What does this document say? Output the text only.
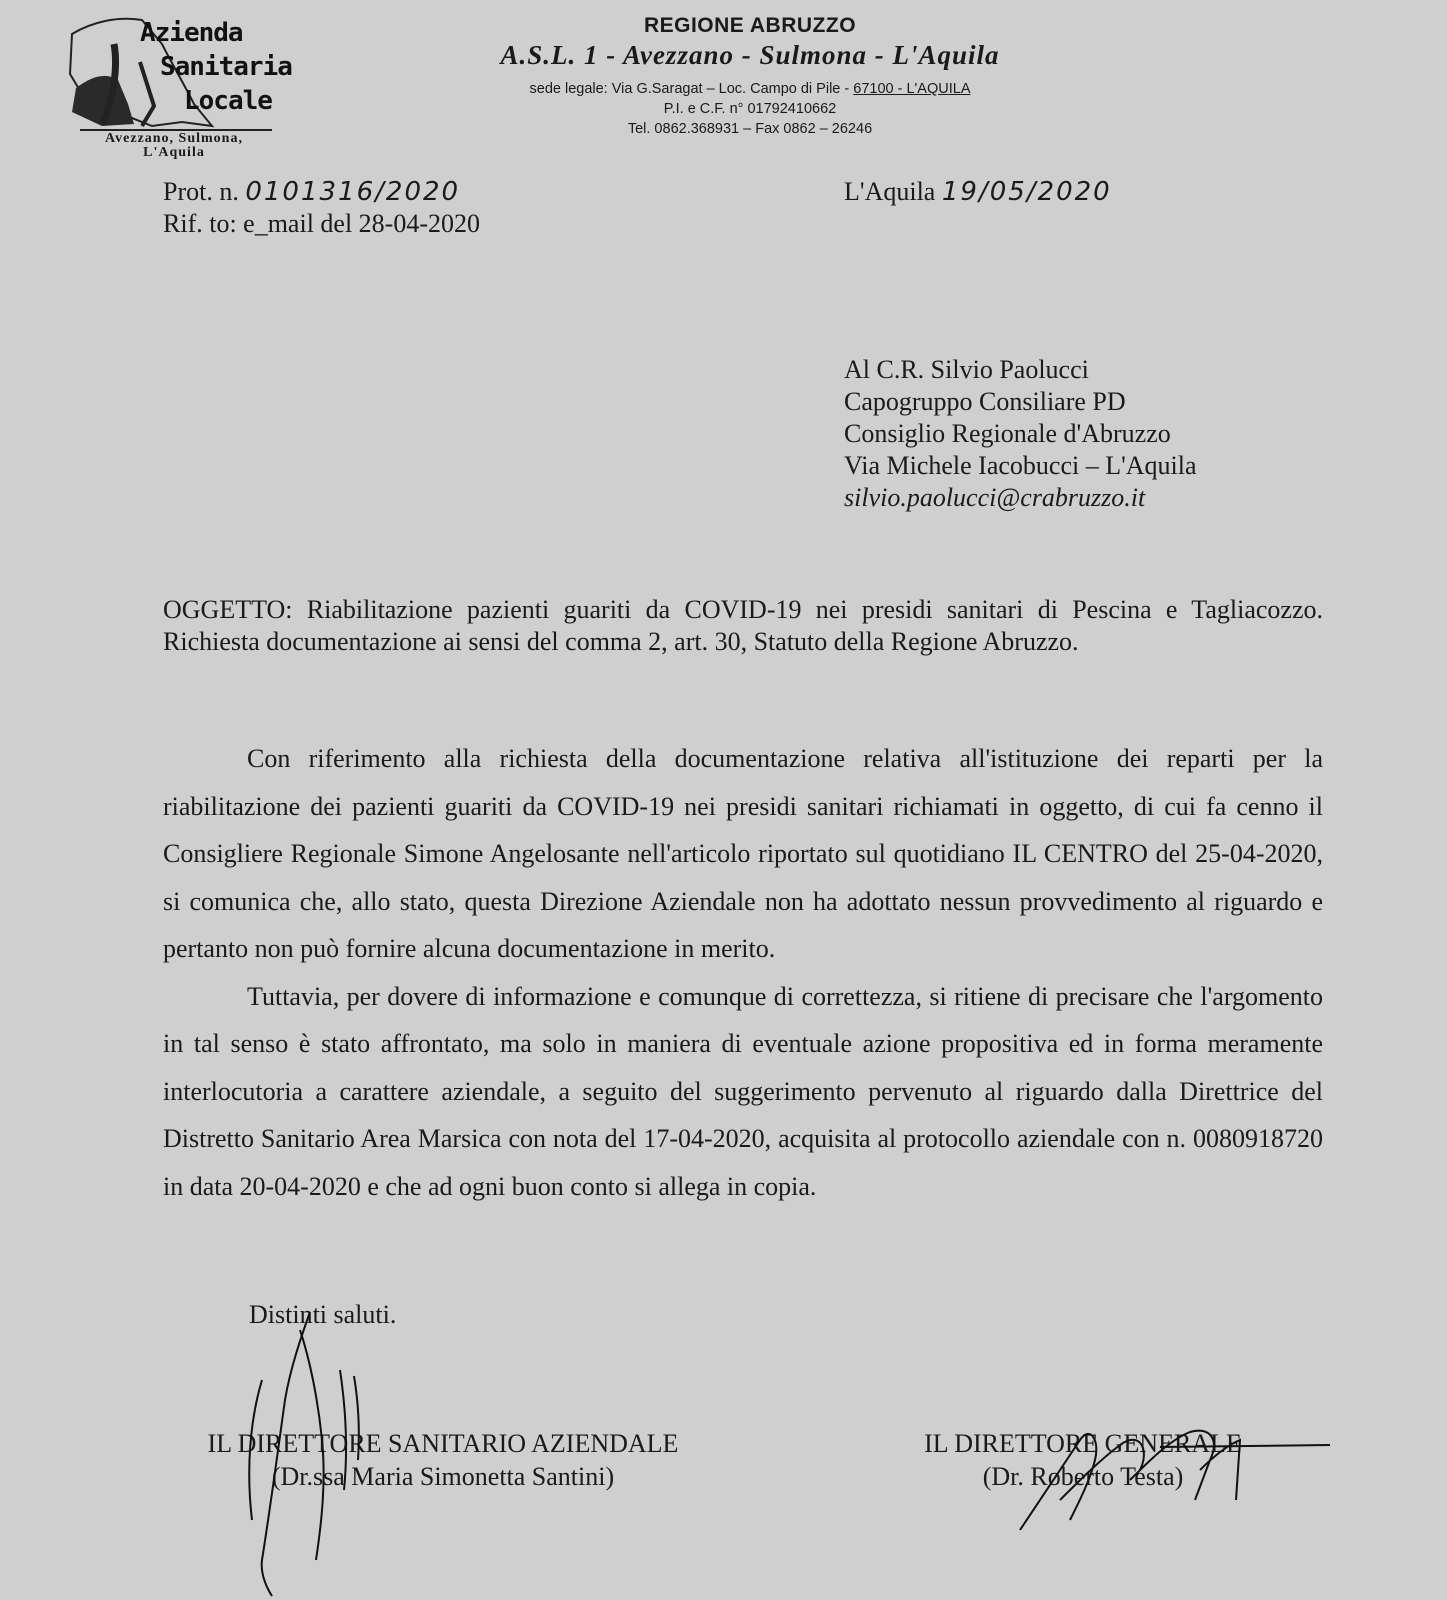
Azienda
Sanitaria
Locale
Avezzano, Sulmona,
L'Aquila
REGIONE ABRUZZO
A.S.L. 1 - Avezzano - Sulmona - L'Aquila
sede legale: Via G.Saragat – Loc. Campo di Pile - 67100 - L'AQUILA
P.I. e C.F. n° 01792410662
Tel. 0862.368931 – Fax 0862 – 26246
Prot. n. 0101316/2020
Rif. to: e_mail del 28-04-2020
L'Aquila 19/05/2020
Al C.R. Silvio Paolucci
Capogruppo Consiliare PD
Consiglio Regionale d'Abruzzo
Via Michele Iacobucci – L'Aquila
silvio.paolucci@crabruzzo.it
OGGETTO: Riabilitazione pazienti guariti da COVID-19 nei presidi sanitari di Pescina e Tagliacozzo. Richiesta documentazione ai sensi del comma 2, art. 30, Statuto della Regione Abruzzo.

Con riferimento alla richiesta della documentazione relativa all'istituzione dei reparti per la riabilitazione dei pazienti guariti da COVID-19 nei presidi sanitari richiamati in oggetto, di cui fa cenno il Consigliere Regionale Simone Angelosante nell'articolo riportato sul quotidiano IL CENTRO del 25-04-2020, si comunica che, allo stato, questa Direzione Aziendale non ha adottato nessun provvedimento al riguardo e pertanto non può fornire alcuna documentazione in merito.

Tuttavia, per dovere di informazione e comunque di correttezza, si ritiene di precisare che l'argomento in tal senso è stato affrontato, ma solo in maniera di eventuale azione propositiva ed in forma meramente interlocutoria a carattere aziendale, a seguito del suggerimento pervenuto al riguardo dalla Direttrice del Distretto Sanitario Area Marsica con nota del 17-04-2020, acquisita al protocollo aziendale con n. 0080918720 in data 20-04-2020 e che ad ogni buon conto si allega in copia.

Distinti saluti.
IL DIRETTORE SANITARIO AZIENDALE
(Dr.ssa Maria Simonetta Santini)
IL DIRETTORE GENERALE
(Dr. Roberto Testa)
